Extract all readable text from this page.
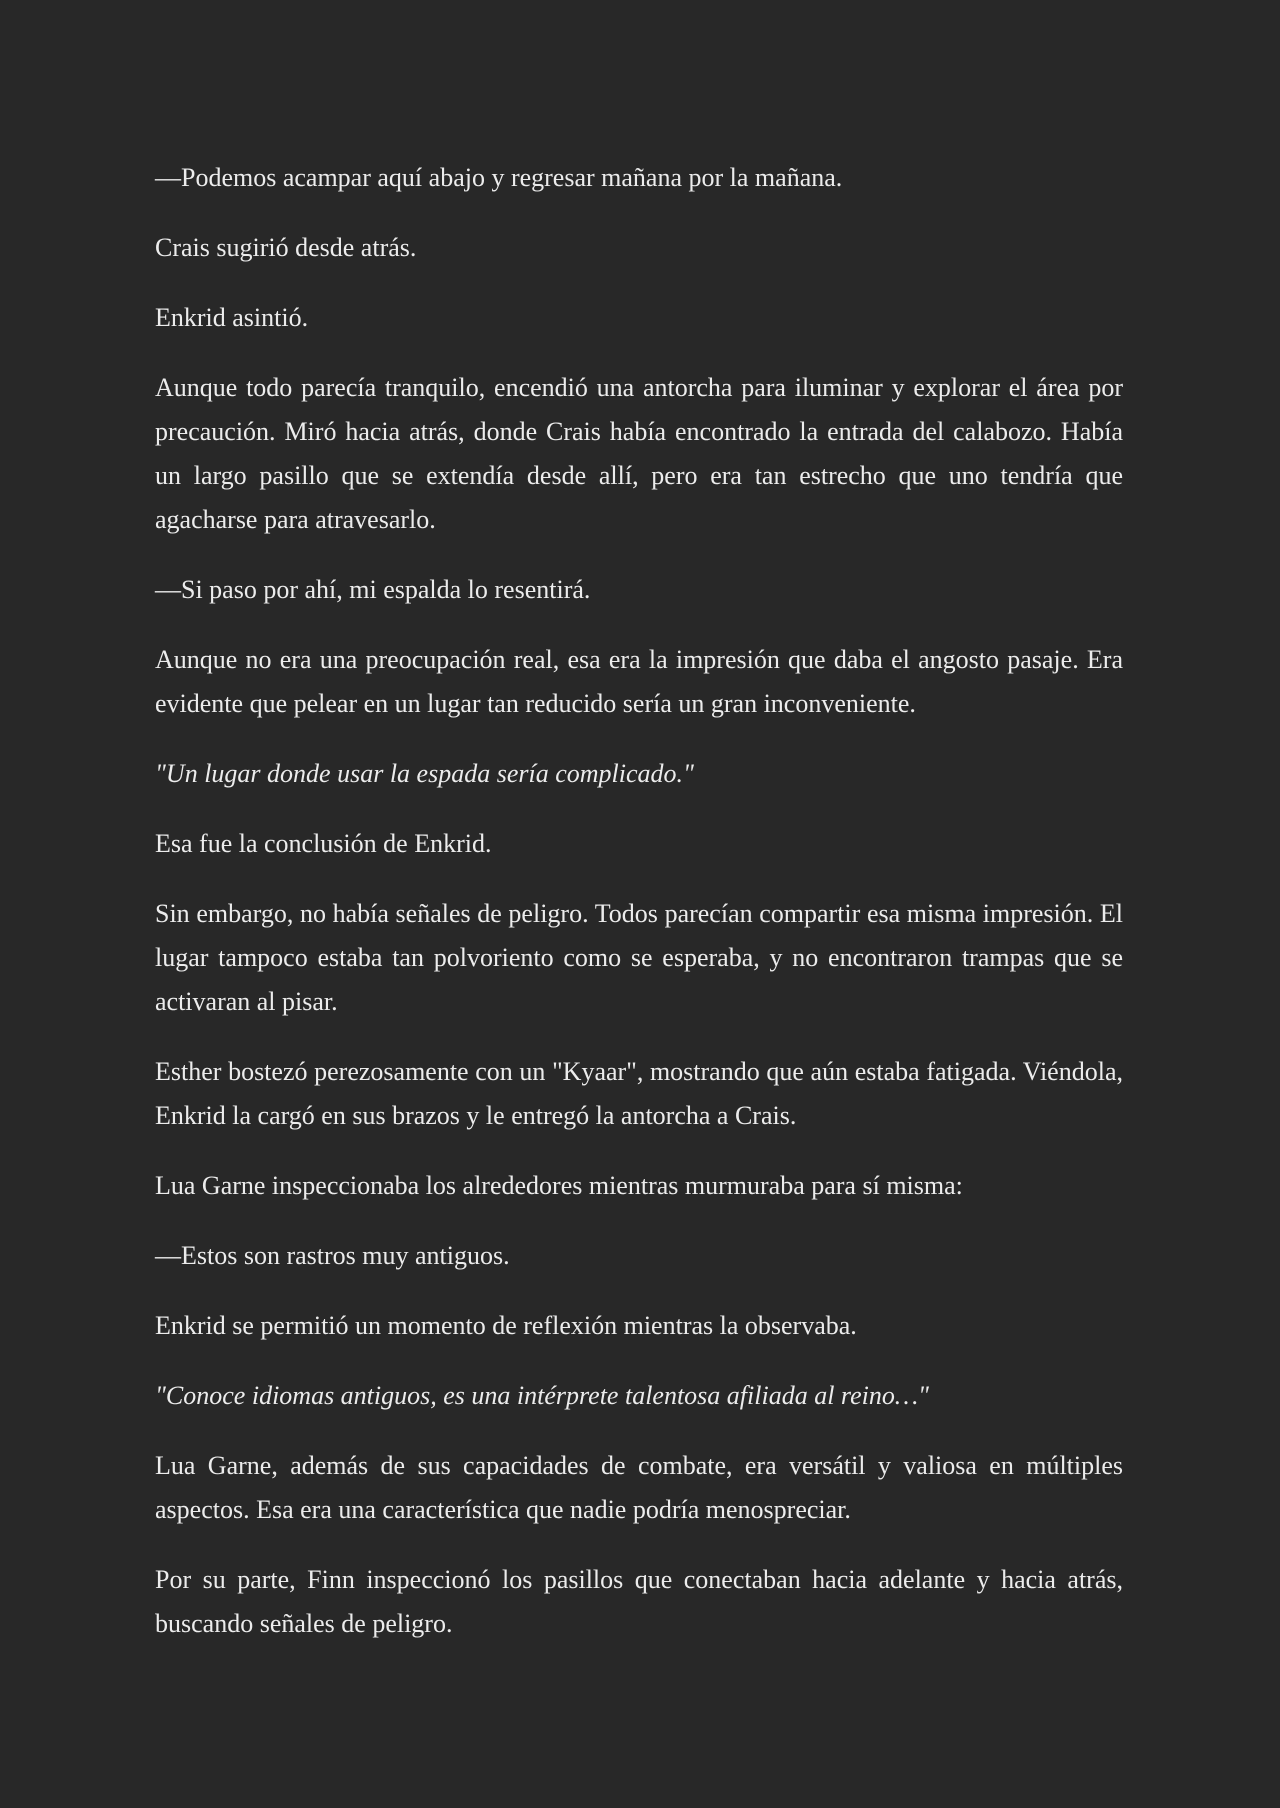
—Podemos acampar aquí abajo y regresar mañana por la mañana.

Crais sugirió desde atrás.

Enkrid asintió.

Aunque todo parecía tranquilo, encendió una antorcha para iluminar y explorar el área por precaución. Miró hacia atrás, donde Crais había encontrado la entrada del calabozo. Había un largo pasillo que se extendía desde allí, pero era tan estrecho que uno tendría que agacharse para atravesarlo.

—Si paso por ahí, mi espalda lo resentirá.

Aunque no era una preocupación real, esa era la impresión que daba el angosto pasaje. Era evidente que pelear en un lugar tan reducido sería un gran inconveniente.

"Un lugar donde usar la espada sería complicado."

Esa fue la conclusión de Enkrid.

Sin embargo, no había señales de peligro. Todos parecían compartir esa misma impresión. El lugar tampoco estaba tan polvoriento como se esperaba, y no encontraron trampas que se activaran al pisar.

Esther bostezó perezosamente con un "Kyaar", mostrando que aún estaba fatigada. Viéndola, Enkrid la cargó en sus brazos y le entregó la antorcha a Crais.

Lua Garne inspeccionaba los alrededores mientras murmuraba para sí misma:

—Estos son rastros muy antiguos.

Enkrid se permitió un momento de reflexión mientras la observaba.

"Conoce idiomas antiguos, es una intérprete talentosa afiliada al reino…"

Lua Garne, además de sus capacidades de combate, era versátil y valiosa en múltiples aspectos. Esa era una característica que nadie podría menospreciar.

Por su parte, Finn inspeccionó los pasillos que conectaban hacia adelante y hacia atrás, buscando señales de peligro.
